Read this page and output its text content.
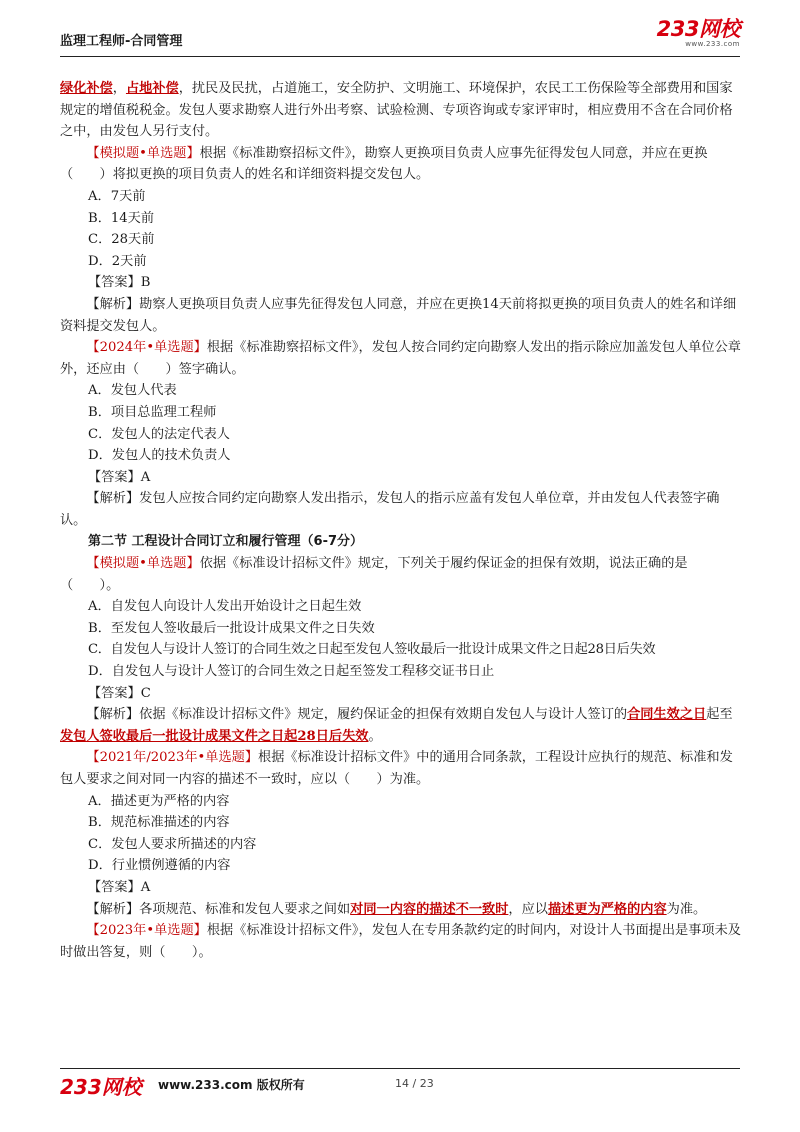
监理工程师-合同管理
233网校
www.233.com

绿化补偿，占地补偿，扰民及民扰，占道施工，安全防护、文明施工、环境保护，农民工工伤保险等全部费用和国家规定的增值税税金。发包人要求勘察人进行外出考察、试验检测、专项咨询或专家评审时，相应费用不含在合同价格之中，由发包人另行支付。

【模拟题•单选题】根据《标准勘察招标文件》，勘察人更换项目负责人应事先征得发包人同意，并应在更换（　　）将拟更换的项目负责人的姓名和详细资料提交发包人。

A．7天前

B．14天前

C．28天前

D．2天前

【答案】B

【解析】勘察人更换项目负责人应事先征得发包人同意，并应在更换14天前将拟更换的项目负责人的姓名和详细资料提交发包人。

【2024年•单选题】根据《标准勘察招标文件》，发包人按合同约定向勘察人发出的指示除应加盖发包人单位公章外，还应由（　　）签字确认。

A．发包人代表

B．项目总监理工程师

C．发包人的法定代表人

D．发包人的技术负责人

【答案】A

【解析】发包人应按合同约定向勘察人发出指示，发包人的指示应盖有发包人单位章，并由发包人代表签字确认。

第二节 工程设计合同订立和履行管理（6-7分）

【模拟题•单选题】依据《标准设计招标文件》规定，下列关于履约保证金的担保有效期，说法正确的是（　　）。

A．自发包人向设计人发出开始设计之日起生效

B．至发包人签收最后一批设计成果文件之日失效

C．自发包人与设计人签订的合同生效之日起至发包人签收最后一批设计成果文件之日起28日后失效

D．自发包人与设计人签订的合同生效之日起至签发工程移交证书日止

【答案】C

【解析】依据《标准设计招标文件》规定，履约保证金的担保有效期自发包人与设计人签订的合同生效之日起至发包人签收最后一批设计成果文件之日起28日后失效。

【2021年/2023年•单选题】根据《标准设计招标文件》中的通用合同条款，工程设计应执行的规范、标准和发包人要求之间对同一内容的描述不一致时，应以（　　）为准。

A．描述更为严格的内容

B．规范标准描述的内容

C．发包人要求所描述的内容

D．行业惯例遵循的内容

【答案】A

【解析】各项规范、标准和发包人要求之间如对同一内容的描述不一致时，应以描述更为严格的内容为准。

【2023年•单选题】根据《标准设计招标文件》，发包人在专用条款约定的时间内，对设计人书面提出是事项未及时做出答复，则（　　）。

233网校 www.233.com 版权所有	14 / 23
